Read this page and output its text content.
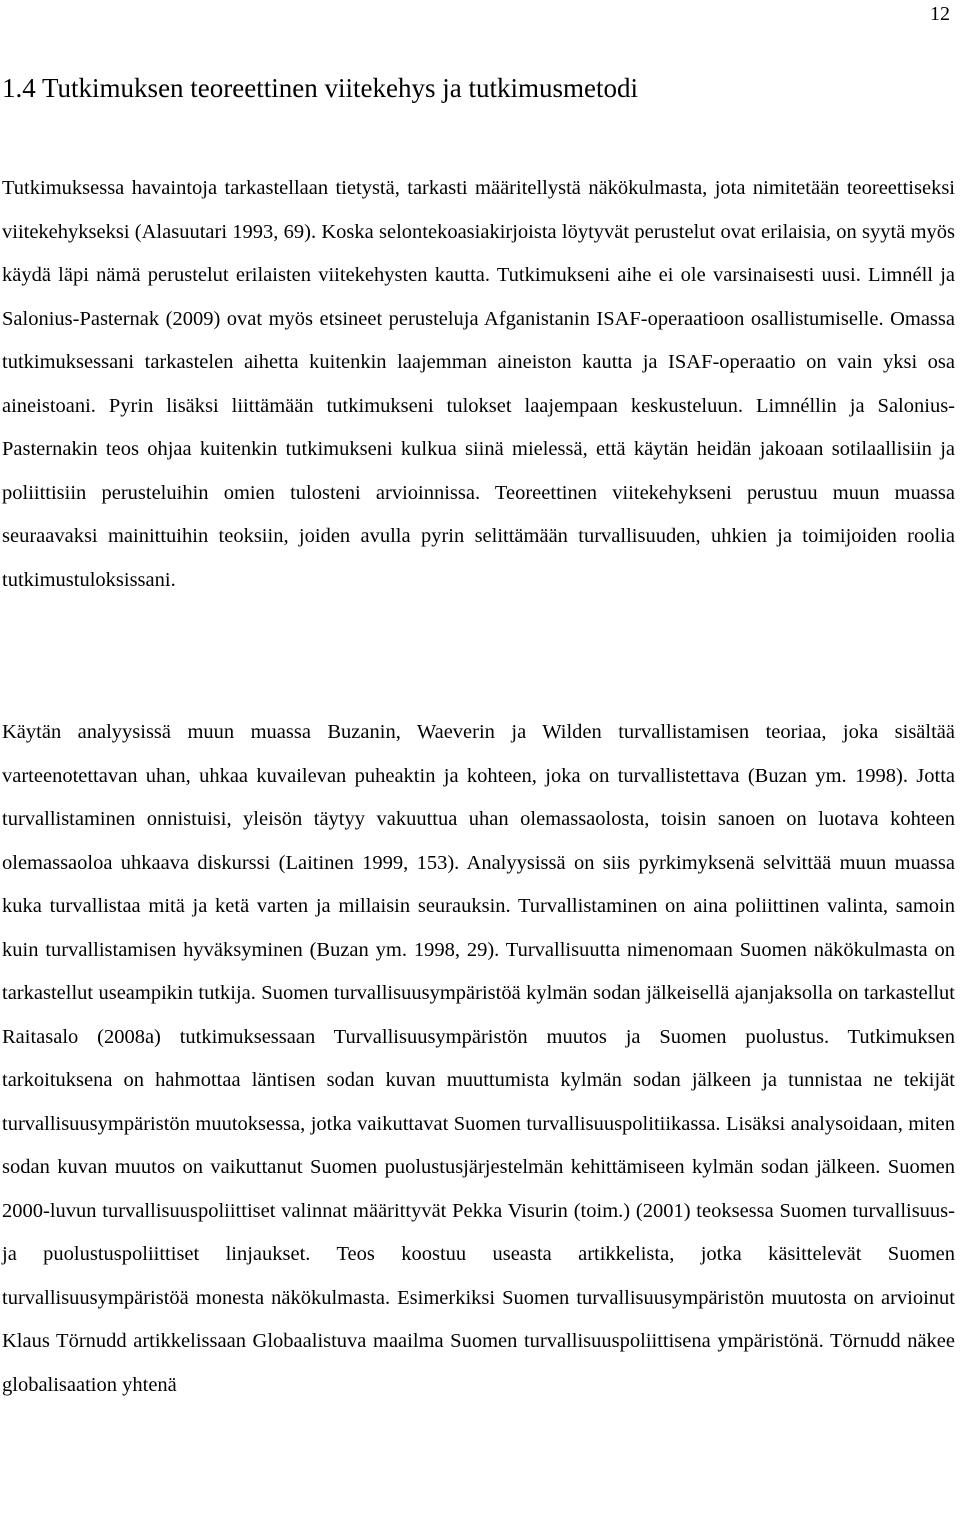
12
1.4 Tutkimuksen teoreettinen viitekehys ja tutkimusmetodi

Tutkimuksessa havaintoja tarkastellaan tietystä, tarkasti määritellystä näkökulmasta, jota nimitetään teoreettiseksi viitekehykseksi (Alasuutari 1993, 69). Koska selontekoasiakirjoista löytyvät perustelut ovat erilaisia, on syytä myös käydä läpi nämä perustelut erilaisten viitekehysten kautta. Tutkimukseni aihe ei ole varsinaisesti uusi. Limnéll ja Salonius-Pasternak (2009) ovat myös etsineet perusteluja Afganistanin ISAF-operaatioon osallistumiselle. Omassa tutkimuksessani tarkastelen aihetta kuitenkin laajemman aineiston kautta ja ISAF-operaatio on vain yksi osa aineistoani. Pyrin lisäksi liittämään tutkimukseni tulokset laajempaan keskusteluun. Limnéllin ja Salonius-Pasternakin teos ohjaa kuitenkin tutkimukseni kulkua siinä mielessä, että käytän heidän jakoaan sotilaallisiin ja poliittisiin perusteluihin omien tulosteni arvioinnissa. Teoreettinen viitekehykseni perustuu muun muassa seuraavaksi mainittuihin teoksiin, joiden avulla pyrin selittämään turvallisuuden, uhkien ja toimijoiden roolia tutkimustuloksissani.

Käytän analyysissä muun muassa Buzanin, Waeverin ja Wilden turvallistamisen teoriaa, joka sisältää varteenotettavan uhan, uhkaa kuvailevan puheaktin ja kohteen, joka on turvallistettava (Buzan ym. 1998). Jotta turvallistaminen onnistuisi, yleisön täytyy vakuuttua uhan olemassaolosta, toisin sanoen on luotava kohteen olemassaoloa uhkaava diskurssi (Laitinen 1999, 153). Analyysissä on siis pyrkimyksenä selvittää muun muassa kuka turvallistaa mitä ja ketä varten ja millaisin seurauksin. Turvallistaminen on aina poliittinen valinta, samoin kuin turvallistamisen hyväksyminen (Buzan ym. 1998, 29). Turvallisuutta nimenomaan Suomen näkökulmasta on tarkastellut useampikin tutkija. Suomen turvallisuusympäristöä kylmän sodan jälkeisellä ajanjaksolla on tarkastellut Raitasalo (2008a) tutkimuksessaan Turvallisuusympäristön muutos ja Suomen puolustus. Tutkimuksen tarkoituksena on hahmottaa läntisen sodan kuvan muuttumista kylmän sodan jälkeen ja tunnistaa ne tekijät turvallisuusympäristön muutoksessa, jotka vaikuttavat Suomen turvallisuuspolitiikassa. Lisäksi analysoidaan, miten sodan kuvan muutos on vaikuttanut Suomen puolustusjärjestelmän kehittämiseen kylmän sodan jälkeen. Suomen 2000-luvun turvallisuuspoliittiset valinnat määrittyvät Pekka Visurin (toim.) (2001) teoksessa Suomen turvallisuus- ja puolustuspoliittiset linjaukset. Teos koostuu useasta artikkelista, jotka käsittelevät Suomen turvallisuusympäristöä monesta näkökulmasta. Esimerkiksi Suomen turvallisuusympäristön muutosta on arvioinut Klaus Törnudd artikkelissaan Globaalistuva maailma Suomen turvallisuuspoliittisena ympäristönä. Törnudd näkee globalisaation yhtenä
